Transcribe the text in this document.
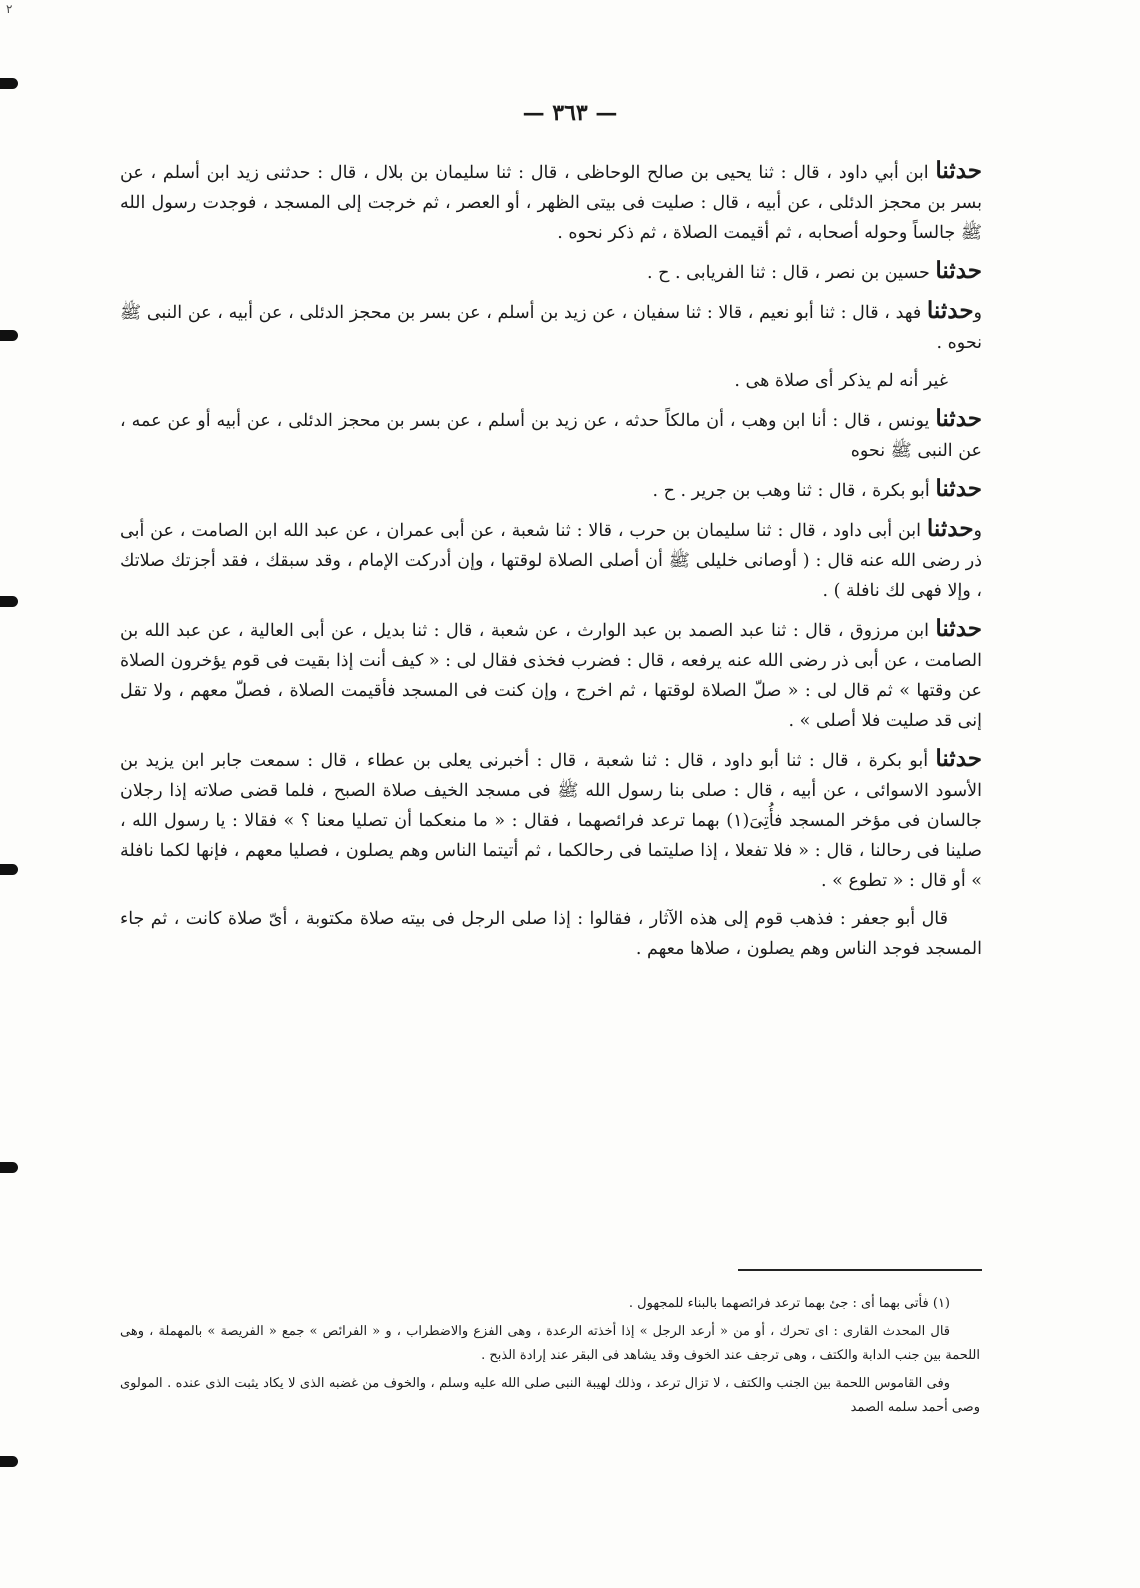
٢
— ٣٦٣ —

حدثنا ابن أبي داود ، قال : ثنا يحيى بن صالح الوحاظى ، قال : ثنا سليمان بن بلال ، قال : حدثنى زيد ابن أسلم ، عن بسر بن محجز الدئلى ، عن أبيه ، قال : صليت فى بيتى الظهر ، أو العصر ، ثم خرجت إلى المسجد ، فوجدت رسول الله ﷺ جالساً وحوله أصحابه ، ثم أقيمت الصلاة ، ثم ذكر نحوه .

حدثنا حسين بن نصر ، قال : ثنا الفريابى . ح .

وحدثنا فهد ، قال : ثنا أبو نعيم ، قالا : ثنا سفيان ، عن زيد بن أسلم ، عن بسر بن محجز الدئلى ، عن أبيه ، عن النبى ﷺ نحوه .

غير أنه لم يذكر أى صلاة هى .

حدثنا يونس ، قال : أنا ابن وهب ، أن مالكاً حدثه ، عن زيد بن أسلم ، عن بسر بن محجز الدئلى ، عن أبيه أو عن عمه ، عن النبى ﷺ نحوه

حدثنا أبو بكرة ، قال : ثنا وهب بن جرير . ح .

وحدثنا ابن أبى داود ، قال : ثنا سليمان بن حرب ، قالا : ثنا شعبة ، عن أبى عمران ، عن عبد الله ابن الصامت ، عن أبى ذر رضى الله عنه قال : ( أوصانى خليلى ﷺ أن أصلى الصلاة لوقتها ، وإن أدركت الإمام ، وقد سبقك ، فقد أجزتك صلاتك ، وإلا فهى لك نافلة ) .

حدثنا ابن مرزوق ، قال : ثنا عبد الصمد بن عبد الوارث ، عن شعبة ، قال : ثنا بديل ، عن أبى العالية ، عن عبد الله بن الصامت ، عن أبى ذر رضى الله عنه يرفعه ، قال : فضرب فخذى فقال لى : « كيف أنت إذا بقيت فى قوم يؤخرون الصلاة عن وقتها » ثم قال لى : « صلّ الصلاة لوقتها ، ثم اخرج ، وإن كنت فى المسجد فأقيمت الصلاة ، فصلّ معهم ، ولا تقل إنى قد صليت فلا أصلى » .

حدثنا أبو بكرة ، قال : ثنا أبو داود ، قال : ثنا شعبة ، قال : أخبرنى يعلى بن عطاء ، قال : سمعت جابر ابن يزيد بن الأسود الاسوائى ، عن أبيه ، قال : صلى بنا رسول الله ﷺ فى مسجد الخيف صلاة الصبح ، فلما قضى صلاته إذا رجلان جالسان فى مؤخر المسجد فأُتِىَ(١) بهما ترعد فرائصهما ، فقال : « ما منعكما أن تصليا معنا ؟ » فقالا : يا رسول الله ، صلينا فى رحالنا ، قال : « فلا تفعلا ، إذا صليتما فى رحالكما ، ثم أتيتما الناس وهم يصلون ، فصليا معهم ، فإنها لكما نافلة » أو قال : « تطوع » .

قال أبو جعفر : فذهب قوم إلى هذه الآثار ، فقالوا : إذا صلى الرجل فى بيته صلاة مكتوبة ، أىّ صلاة كانت ، ثم جاء المسجد فوجد الناس وهم يصلون ، صلاها معهم .

(١) فأتى بهما أى : جئ بهما ترعد فرائصهما بالبناء للمجهول .

قال المحدث القارى : اى تحرك ، أو من « أرعد الرجل » إذا أخذته الرعدة ، وهى الفزع والاضطراب ، و « الفرائص » جمع « الفريصة » بالمهملة ، وهى اللحمة بين جنب الدابة والكتف ، وهى ترجف عند الخوف وقد يشاهد فى البقر عند إرادة الذبح .

وفى القاموس اللحمة بين الجنب والكتف ، لا تزال ترعد ، وذلك لهيبة النبى صلى الله عليه وسلم ، والخوف من غضبه الذى لا يكاد يثبت الذى عنده . المولوى وصى أحمد سلمه الصمد
